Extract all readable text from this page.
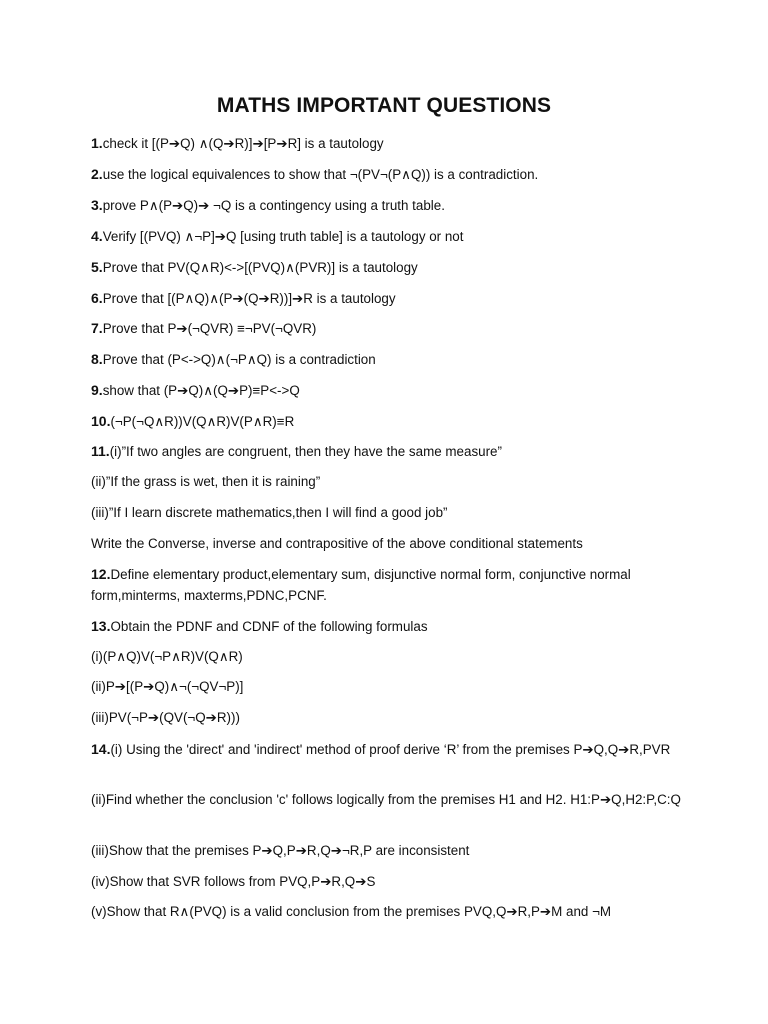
MATHS IMPORTANT QUESTIONS
1.check it [(P➔Q) ∧(Q➔R)]➔[P➔R] is a tautology
2.use the logical equivalences to show that ¬(PV¬(P∧Q)) is a contradiction.
3.prove P∧(P➔Q)➔ ¬Q is a contingency using a truth table.
4.Verify [(PVQ) ∧¬P]➔Q [using truth table] is a tautology or not
5.Prove that PV(Q∧R)<->[(PVQ)∧(PVR)] is a tautology
6.Prove that [(P∧Q)∧(P➔(Q➔R))]➔R is a tautology
7.Prove that P➔(¬QVR) ≡¬PV(¬QVR)
8.Prove that (P<->Q)∧(¬P∧Q) is a contradiction
9.show that (P➔Q)∧(Q➔P)≡P<->Q
10.(¬P(¬Q∧R))V(Q∧R)V(P∧R)≡R
11.(i)”If two angles are congruent, then they have the same measure”
(ii)”If the grass is wet, then it is raining”
(iii)”If I learn discrete mathematics,then I will find a good job”
Write the Converse, inverse and contrapositive of the above conditional statements
12.Define elementary product,elementary sum, disjunctive normal form, conjunctive normal form,minterms, maxterms,PDNC,PCNF.
13.Obtain the PDNF and CDNF of the following formulas
(i)(P∧Q)V(¬P∧R)V(Q∧R)
(ii)P➔[(P➔Q)∧¬(¬QV¬P)]
(iii)PV(¬P➔(QV(¬Q➔R)))
14.(i) Using the 'direct' and 'indirect' method of proof derive ‘R’ from the premises P➔Q,Q➔R,PVR
(ii)Find whether the conclusion 'c' follows logically from the premises H1 and H2. H1:P➔Q,H2:P,C:Q
(iii)Show that the premises P➔Q,P➔R,Q➔¬R,P are inconsistent
(iv)Show that SVR follows from PVQ,P➔R,Q➔S
(v)Show that R∧(PVQ) is a valid conclusion from the premises PVQ,Q➔R,P➔M and ¬M
